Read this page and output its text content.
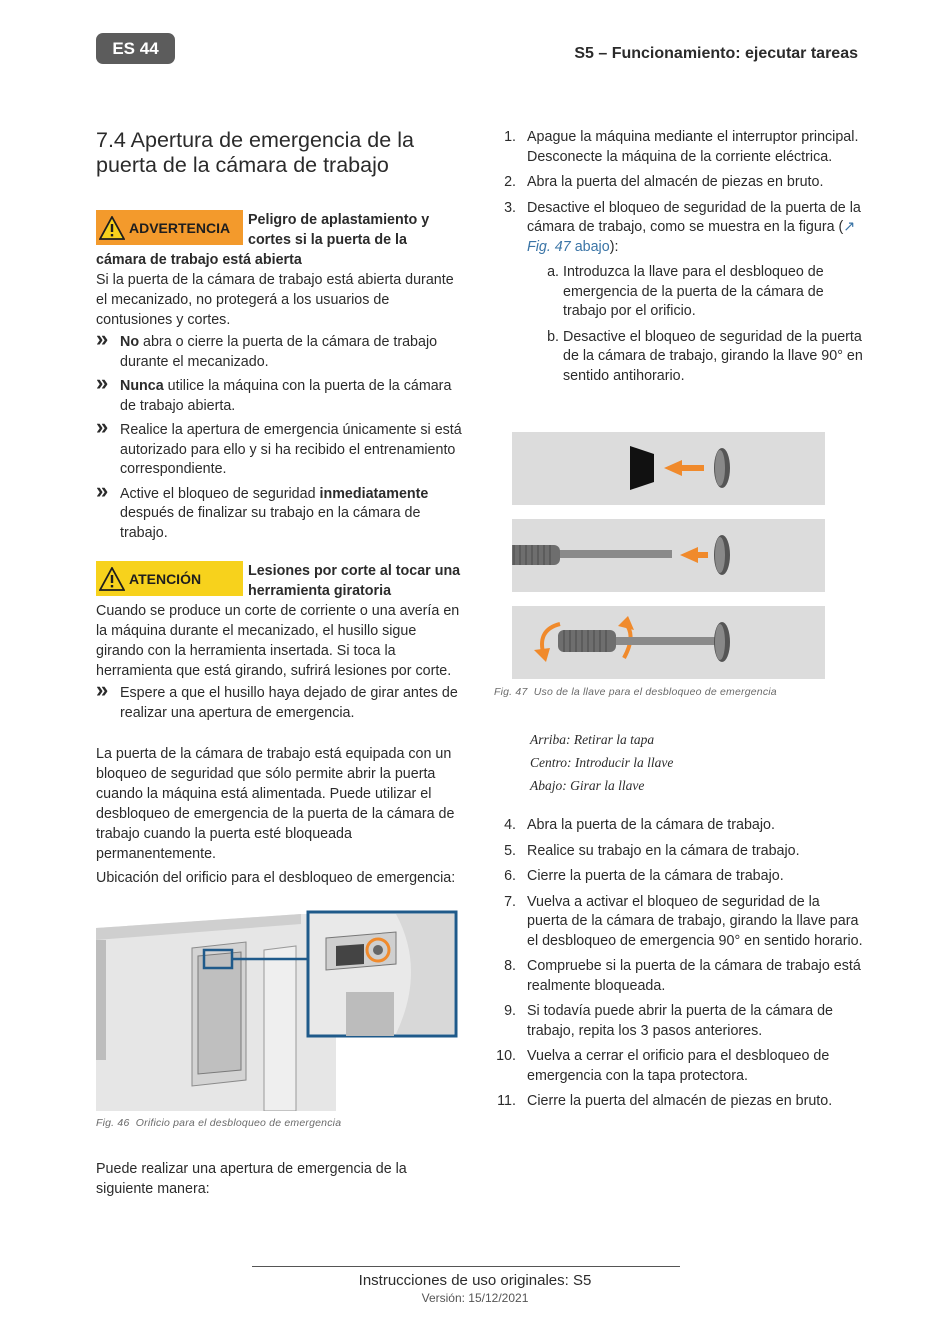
ES 44	S5 – Funcionamiento: ejecutar tareas
7.4 Apertura de emergencia de la puerta de la cámara de trabajo
ADVERTENCIA	Peligro de aplastamiento y cortes si la puerta de la
cámara de trabajo está abierta

Si la puerta de la cámara de trabajo está abierta durante el mecanizado, no protegerá a los usuarios de contusiones y cortes.

» No abra o cierre la puerta de la cámara de trabajo durante el mecanizado.
» Nunca utilice la máquina con la puerta de la cámara de trabajo abierta.
» Realice la apertura de emergencia únicamente si está autorizado para ello y si ha recibido el entrenamiento correspondiente.
» Active el bloqueo de seguridad inmediatamente después de finalizar su trabajo en la cámara de trabajo.
ATENCIÓN	Lesiones por corte al tocar una herramienta giratoria

Cuando se produce un corte de corriente o una avería en la máquina durante el mecanizado, el husillo sigue girando con la herramienta insertada. Si toca la herramienta que está girando, sufrirá lesiones por corte.

» Espere a que el husillo haya dejado de girar antes de realizar una apertura de emergencia.

La puerta de la cámara de trabajo está equipada con un bloqueo de seguridad que sólo permite abrir la puerta cuando la máquina está alimentada. Puede utilizar el desbloqueo de emergencia de la puerta de la cámara de trabajo cuando la puerta esté bloqueada permanentemente.

Ubicación del orificio para el desbloqueo de emergencia:

Fig. 46 Orificio para el desbloqueo de emergencia

Puede realizar una apertura de emergencia de la siguiente manera:

1. Apague la máquina mediante el interruptor principal. Desconecte la máquina de la corriente eléctrica.
2. Abra la puerta del almacén de piezas en bruto.
3. Desactive el bloqueo de seguridad de la puerta de la cámara de trabajo, como se muestra en la figura (↗ Fig. 47 abajo):
a. Introduzca la llave para el desbloqueo de emergencia de la puerta de la cámara de trabajo por el orificio.
b. Desactive el bloqueo de seguridad de la puerta de la cámara de trabajo, girando la llave 90° en sentido antihorario.
Fig. 47 Uso de la llave para el desbloqueo de emergencia
Arriba: Retirar la tapa
Centro: Introducir la llave
Abajo: Girar la llave
4. Abra la puerta de la cámara de trabajo.
5. Realice su trabajo en la cámara de trabajo.
6. Cierre la puerta de la cámara de trabajo.
7. Vuelva a activar el bloqueo de seguridad de la puerta de la cámara de trabajo, girando la llave para el desbloqueo de emergencia 90° en sentido horario.
8. Compruebe si la puerta de la cámara de trabajo está realmente bloqueada.
9. Si todavía puede abrir la puerta de la cámara de trabajo, repita los 3 pasos anteriores.
10. Vuelva a cerrar el orificio para el desbloqueo de emergencia con la tapa protectora.
11. Cierre la puerta del almacén de piezas en bruto.
Instrucciones de uso originales: S5
Versión: 15/12/2021
